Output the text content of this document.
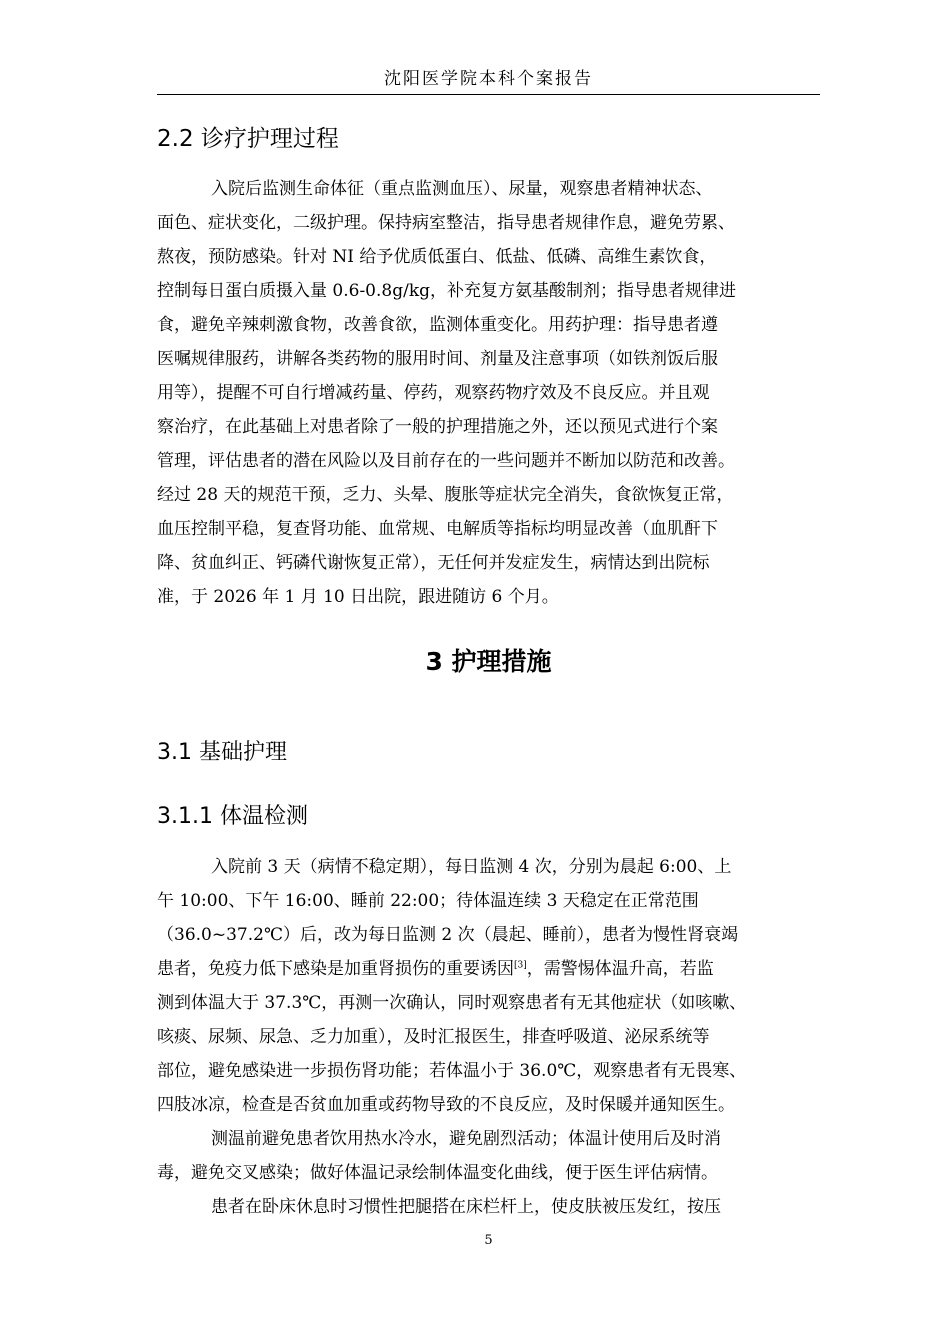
沈阳医学院本科个案报告
2.2 诊疗护理过程
入院后监测生命体征（重点监测血压）、尿量，观察患者精神状态、
面色、症状变化，二级护理。保持病室整洁，指导患者规律作息，避免劳累、
熬夜，预防感染。针对 NI 给予优质低蛋白、低盐、低磷、高维生素饮食，
控制每日蛋白质摄入量 0.6-0.8g/kg，补充复方氨基酸制剂；指导患者规律进
食，避免辛辣刺激食物，改善食欲，监测体重变化。用药护理：指导患者遵
医嘱规律服药，讲解各类药物的服用时间、剂量及注意事项（如铁剂饭后服
用等），提醒不可自行增减药量、停药，观察药物疗效及不良反应。并且观
察治疗，在此基础上对患者除了一般的护理措施之外，还以预见式进行个案
管理，评估患者的潜在风险以及目前存在的一些问题并不断加以防范和改善。
经过 28 天的规范干预，乏力、头晕、腹胀等症状完全消失，食欲恢复正常，
血压控制平稳，复查肾功能、血常规、电解质等指标均明显改善（血肌酐下
降、贫血纠正、钙磷代谢恢复正常），无任何并发症发生，病情达到出院标
准，于 2026 年 1 月 10 日出院，跟进随访 6 个月。
3 护理措施
3.1 基础护理
3.1.1 体温检测
入院前 3 天（病情不稳定期），每日监测 4 次，分别为晨起 6:00、上
午 10:00、下午 16:00、睡前 22:00；待体温连续 3 天稳定在正常范围
（36.0~37.2℃）后，改为每日监测 2 次（晨起、睡前），患者为慢性肾衰竭
患者，免疫力低下感染是加重肾损伤的重要诱因[3]，需警惕体温升高，若监
测到体温大于 37.3℃，再测一次确认，同时观察患者有无其他症状（如咳嗽、
咳痰、尿频、尿急、乏力加重），及时汇报医生，排查呼吸道、泌尿系统等
部位，避免感染进一步损伤肾功能；若体温小于 36.0℃，观察患者有无畏寒、
四肢冰凉，检查是否贫血加重或药物导致的不良反应，及时保暖并通知医生。
测温前避免患者饮用热水冷水，避免剧烈活动；体温计使用后及时消
毒，避免交叉感染；做好体温记录绘制体温变化曲线，便于医生评估病情。
患者在卧床休息时习惯性把腿搭在床栏杆上，使皮肤被压发红，按压
5
